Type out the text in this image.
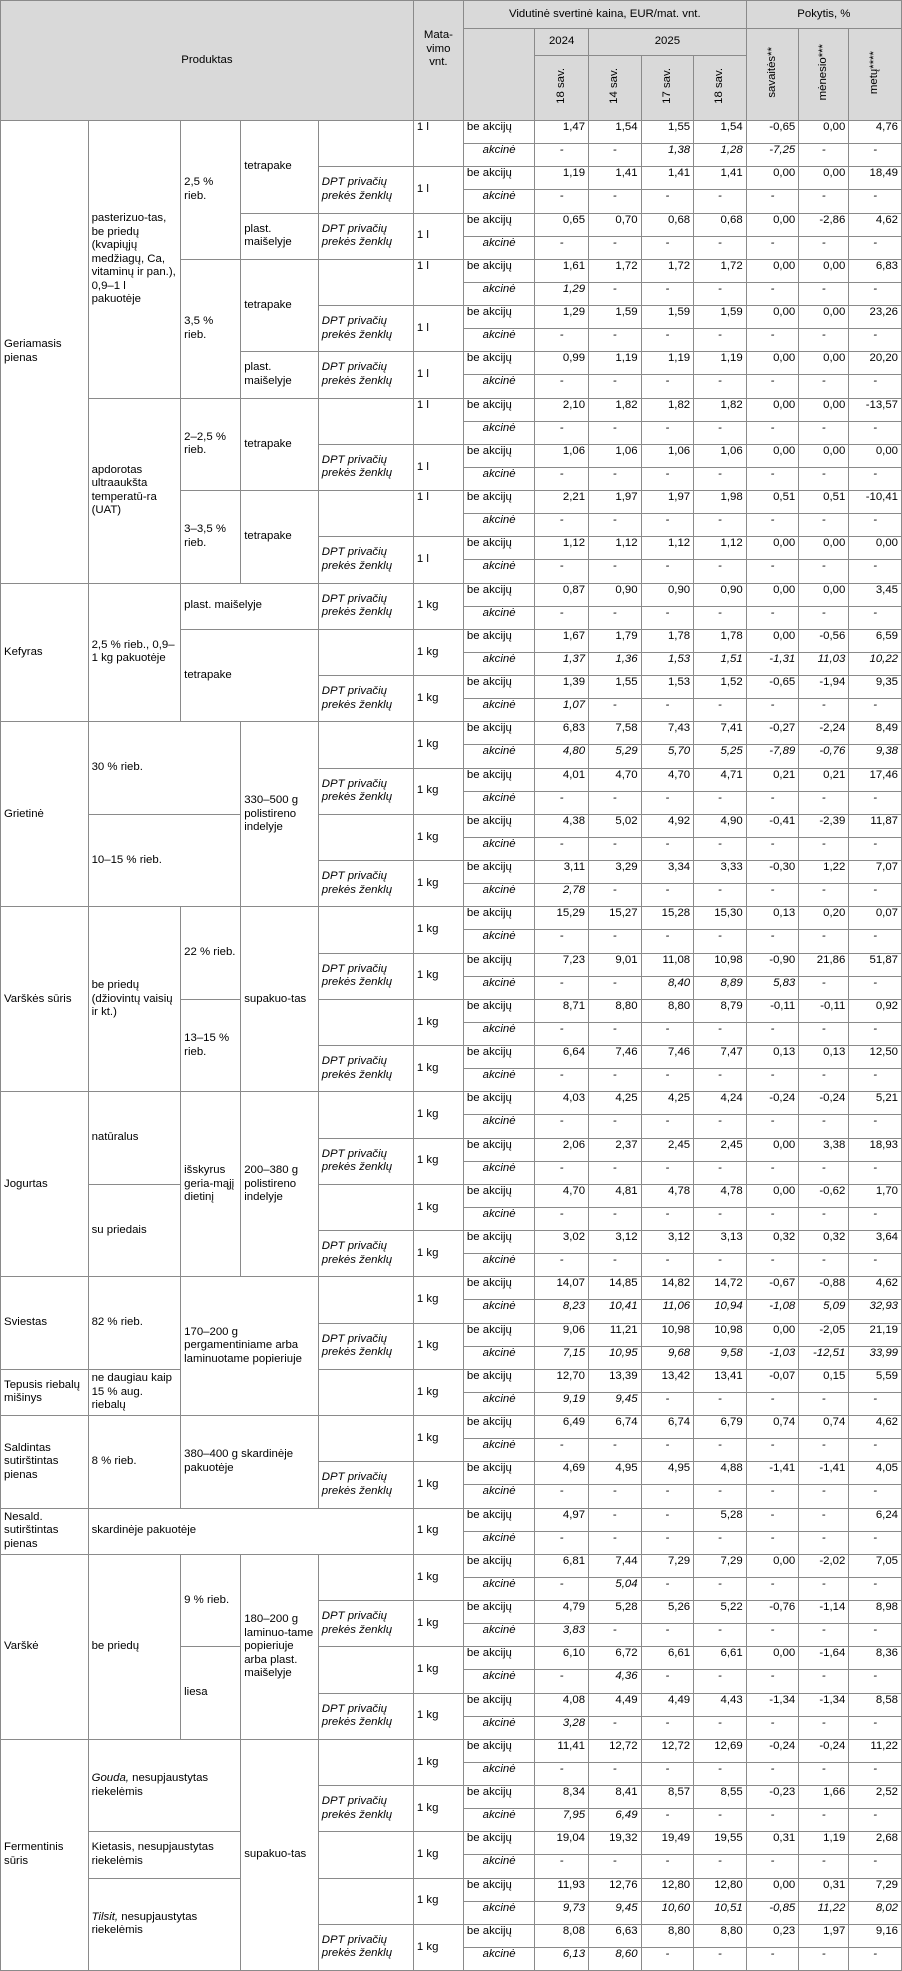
Produktas					Mata-vimo vnt.	Vidutinė svertinė kaina, EUR/mat. vnt.					Pokytis, %		
							2024	2025			savaitės**	mėnesio***	metų****
							18 sav.	14 sav.	17 sav.	18 sav.			
Geriamasis pienas	pasterizuo-tas, be priedų (kvapiųjų medžiagų, Ca, vitaminų ir pan.), 0,9–1 l pakuotėje	2,5 % rieb.	tetrapake		1 l	be akcijų	1,47	1,54	1,55	1,54	-0,65	0,00	4,76
						akcinė	-	-	1,38	1,28	-7,25	-	-
				DPT privačių prekės ženklų	1 l	be akcijų	1,19	1,41	1,41	1,41	0,00	0,00	18,49
						akcinė	-	-	-	-	-	-	-
			plast. maišelyje	DPT privačių prekės ženklų	1 l	be akcijų	0,65	0,70	0,68	0,68	0,00	-2,86	4,62
						akcinė	-	-	-	-	-	-	-
		3,5 % rieb.	tetrapake		1 l	be akcijų	1,61	1,72	1,72	1,72	0,00	0,00	6,83
						akcinė	1,29	-	-	-	-	-	-
				DPT privačių prekės ženklų	1 l	be akcijų	1,29	1,59	1,59	1,59	0,00	0,00	23,26
						akcinė	-	-	-	-	-	-	-
			plast. maišelyje	DPT privačių prekės ženklų	1 l	be akcijų	0,99	1,19	1,19	1,19	0,00	0,00	20,20
						akcinė	-	-	-	-	-	-	-
	apdorotas ultraaukšta temperatū-ra (UAT)	2–2,5 % rieb.	tetrapake		1 l	be akcijų	2,10	1,82	1,82	1,82	0,00	0,00	-13,57
						akcinė	-	-	-	-	-	-	-
				DPT privačių prekės ženklų	1 l	be akcijų	1,06	1,06	1,06	1,06	0,00	0,00	0,00
						akcinė	-	-	-	-	-	-	-
		3–3,5 % rieb.	tetrapake		1 l	be akcijų	2,21	1,97	1,97	1,98	0,51	0,51	-10,41
						akcinė	-	-	-	-	-	-	-
				DPT privačių prekės ženklų	1 l	be akcijų	1,12	1,12	1,12	1,12	0,00	0,00	0,00
						akcinė	-	-	-	-	-	-	-
Kefyras	2,5 % rieb., 0,9–1 kg pakuotėje	plast. maišelyje		DPT privačių prekės ženklų	1 kg	be akcijų	0,87	0,90	0,90	0,90	0,00	0,00	3,45
						akcinė	-	-	-	-	-	-	-
		tetrapake			1 kg	be akcijų	1,67	1,79	1,78	1,78	0,00	-0,56	6,59
						akcinė	1,37	1,36	1,53	1,51	-1,31	11,03	10,22
				DPT privačių prekės ženklų	1 kg	be akcijų	1,39	1,55	1,53	1,52	-0,65	-1,94	9,35
						akcinė	1,07	-	-	-	-	-	-
Grietinė	30 % rieb.		330–500 g polistireno indelyje		1 kg	be akcijų	6,83	7,58	7,43	7,41	-0,27	-2,24	8,49
						akcinė	4,80	5,29	5,70	5,25	-7,89	-0,76	9,38
				DPT privačių prekės ženklų	1 kg	be akcijų	4,01	4,70	4,70	4,71	0,21	0,21	17,46
						akcinė	-	-	-	-	-	-	-
	10–15 % rieb.				1 kg	be akcijų	4,38	5,02	4,92	4,90	-0,41	-2,39	11,87
						akcinė	-	-	-	-	-	-	-
				DPT privačių prekės ženklų	1 kg	be akcijų	3,11	3,29	3,34	3,33	-0,30	1,22	7,07
						akcinė	2,78	-	-	-	-	-	-
Varškės sūris	be priedų (džiovintų vaisių ir kt.)	22 % rieb.	supakuo-tas		1 kg	be akcijų	15,29	15,27	15,28	15,30	0,13	0,20	0,07
						akcinė	-	-	-	-	-	-	-
				DPT privačių prekės ženklų	1 kg	be akcijų	7,23	9,01	11,08	10,98	-0,90	21,86	51,87
						akcinė	-	-	8,40	8,89	5,83	-	-
		13–15 % rieb.			1 kg	be akcijų	8,71	8,80	8,80	8,79	-0,11	-0,11	0,92
						akcinė	-	-	-	-	-	-	-
				DPT privačių prekės ženklų	1 kg	be akcijų	6,64	7,46	7,46	7,47	0,13	0,13	12,50
						akcinė	-	-	-	-	-	-	-
Jogurtas	natūralus	išskyrus geria-mąjį dietinį	200–380 g polistireno indelyje		1 kg	be akcijų	4,03	4,25	4,25	4,24	-0,24	-0,24	5,21
						akcinė	-	-	-	-	-	-	-
				DPT privačių prekės ženklų	1 kg	be akcijų	2,06	2,37	2,45	2,45	0,00	3,38	18,93
						akcinė	-	-	-	-	-	-	-
	su priedais				1 kg	be akcijų	4,70	4,81	4,78	4,78	0,00	-0,62	1,70
						akcinė	-	-	-	-	-	-	-
				DPT privačių prekės ženklų	1 kg	be akcijų	3,02	3,12	3,12	3,13	0,32	0,32	3,64
						akcinė	-	-	-	-	-	-	-
Sviestas	82 % rieb.	170–200 g pergamentiniame arba laminuotame popieriuje			1 kg	be akcijų	14,07	14,85	14,82	14,72	-0,67	-0,88	4,62
						akcinė	8,23	10,41	11,06	10,94	-1,08	5,09	32,93
				DPT privačių prekės ženklų	1 kg	be akcijų	9,06	11,21	10,98	10,98	0,00	-2,05	21,19
						akcinė	7,15	10,95	9,68	9,58	-1,03	-12,51	33,99
Tepusis riebalų mišinys	ne daugiau kaip 15 % aug. riebalų				1 kg	be akcijų	12,70	13,39	13,42	13,41	-0,07	0,15	5,59
						akcinė	9,19	9,45	-	-	-	-	-
Saldintas sutirštintas pienas	8 % rieb.	380–400 g skardinėje pakuotėje			1 kg	be akcijų	6,49	6,74	6,74	6,79	0,74	0,74	4,62
						akcinė	-	-	-	-	-	-	-
				DPT privačių prekės ženklų	1 kg	be akcijų	4,69	4,95	4,95	4,88	-1,41	-1,41	4,05
						akcinė	-	-	-	-	-	-	-
Nesald. sutirštintas pienas	skardinėje pakuotėje				1 kg	be akcijų	4,97	-	-	5,28	-	-	6,24
						akcinė	-	-	-	-	-	-	-
Varškė	be priedų	9 % rieb.	180–200 g laminuo-tame popieriuje arba plast. maišelyje		1 kg	be akcijų	6,81	7,44	7,29	7,29	0,00	-2,02	7,05
						akcinė	-	5,04	-	-	-	-	-
				DPT privačių prekės ženklų	1 kg	be akcijų	4,79	5,28	5,26	5,22	-0,76	-1,14	8,98
						akcinė	3,83	-	-	-	-	-	-
		liesa			1 kg	be akcijų	6,10	6,72	6,61	6,61	0,00	-1,64	8,36
						akcinė	-	4,36	-	-	-	-	-
				DPT privačių prekės ženklų	1 kg	be akcijų	4,08	4,49	4,49	4,43	-1,34	-1,34	8,58
						akcinė	3,28	-	-	-	-	-	-
Fermentinis sūris	Gouda, nesupjaustytas riekelėmis		supakuo-tas		1 kg	be akcijų	11,41	12,72	12,72	12,69	-0,24	-0,24	11,22
						akcinė	-	-	-	-	-	-	-
				DPT privačių prekės ženklų	1 kg	be akcijų	8,34	8,41	8,57	8,55	-0,23	1,66	2,52
						akcinė	7,95	6,49	-	-	-	-	-
	Kietasis, nesupjaustytas riekelėmis				1 kg	be akcijų	19,04	19,32	19,49	19,55	0,31	1,19	2,68
						akcinė	-	-	-	-	-	-	-
	Tilsit, nesupjaustytas riekelėmis				1 kg	be akcijų	11,93	12,76	12,80	12,80	0,00	0,31	7,29
						akcinė	9,73	9,45	10,60	10,51	-0,85	11,22	8,02
				DPT privačių prekės ženklų	1 kg	be akcijų	8,08	6,63	8,80	8,80	0,23	1,97	9,16
						akcinė	6,13	8,60	-	-	-	-	-
